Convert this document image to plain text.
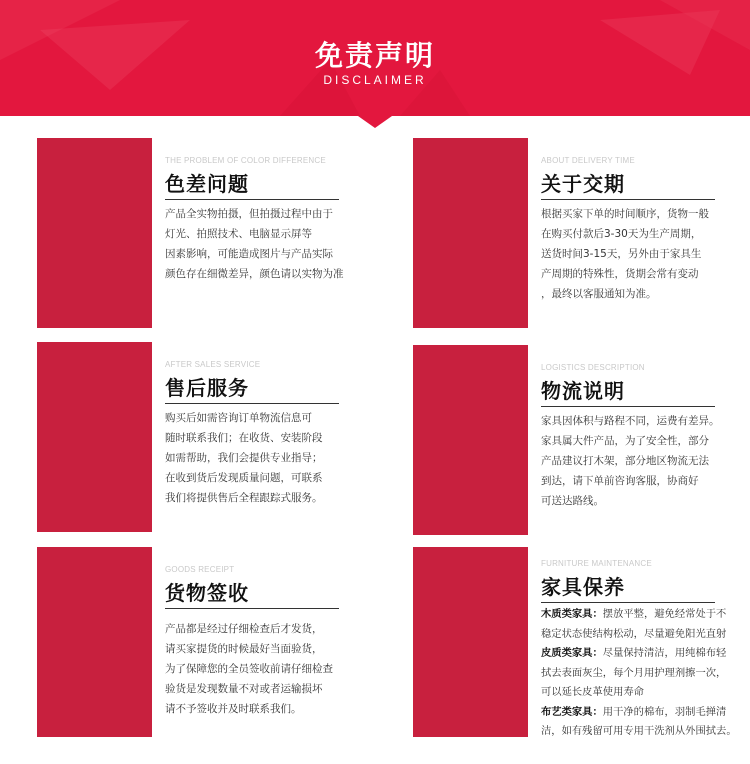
免责声明
DISCLAIMER
THE PROBLEM OF COLOR DIFFERENCE
色差问题

产品全实物拍摄，但拍摄过程中由于

灯光、拍照技术、电脑显示屏等

因素影响，可能造成图片与产品实际

颜色存在细微差异，颜色请以实物为准

ABOUT DELIVERY TIME
关于交期

根据买家下单的时间顺序，货物一般

在购买付款后3-30天为生产周期，

送货时间3-15天，另外由于家具生

产周期的特殊性，货期会常有变动

，最终以客服通知为准。

AFTER SALES SERVICE
售后服务

购买后如需咨询订单物流信息可

随时联系我们；在收货、安装阶段

如需帮助，我们会提供专业指导；

在收到货后发现质量问题，可联系

我们将提供售后全程跟踪式服务。

LOGISTICS DESCRIPTION
物流说明

家具因体积与路程不同，运费有差异。

家具属大件产品，为了安全性，部分

产品建议打木架，部分地区物流无法

到达，请下单前咨询客服，协商好

可送达路线。

GOODS RECEIPT
货物签收

产品都是经过仔细检查后才发货，

请买家提货的时候最好当面验货，

为了保障您的全员签收前请仔细检查

验货是发现数量不对或者运输损坏

请不予签收并及时联系我们。

FURNITURE MAINTENANCE
家具保养

木质类家具：摆放平整，避免经常处于不

稳定状态使结构松动，尽量避免阳光直射

皮质类家具：尽量保持清洁，用纯棉布轻

拭去表面灰尘，每个月用护理剂擦一次，

可以延长皮革使用寿命

布艺类家具：用干净的棉布，羽制毛掸清

洁，如有残留可用专用干洗剂从外围拭去。
